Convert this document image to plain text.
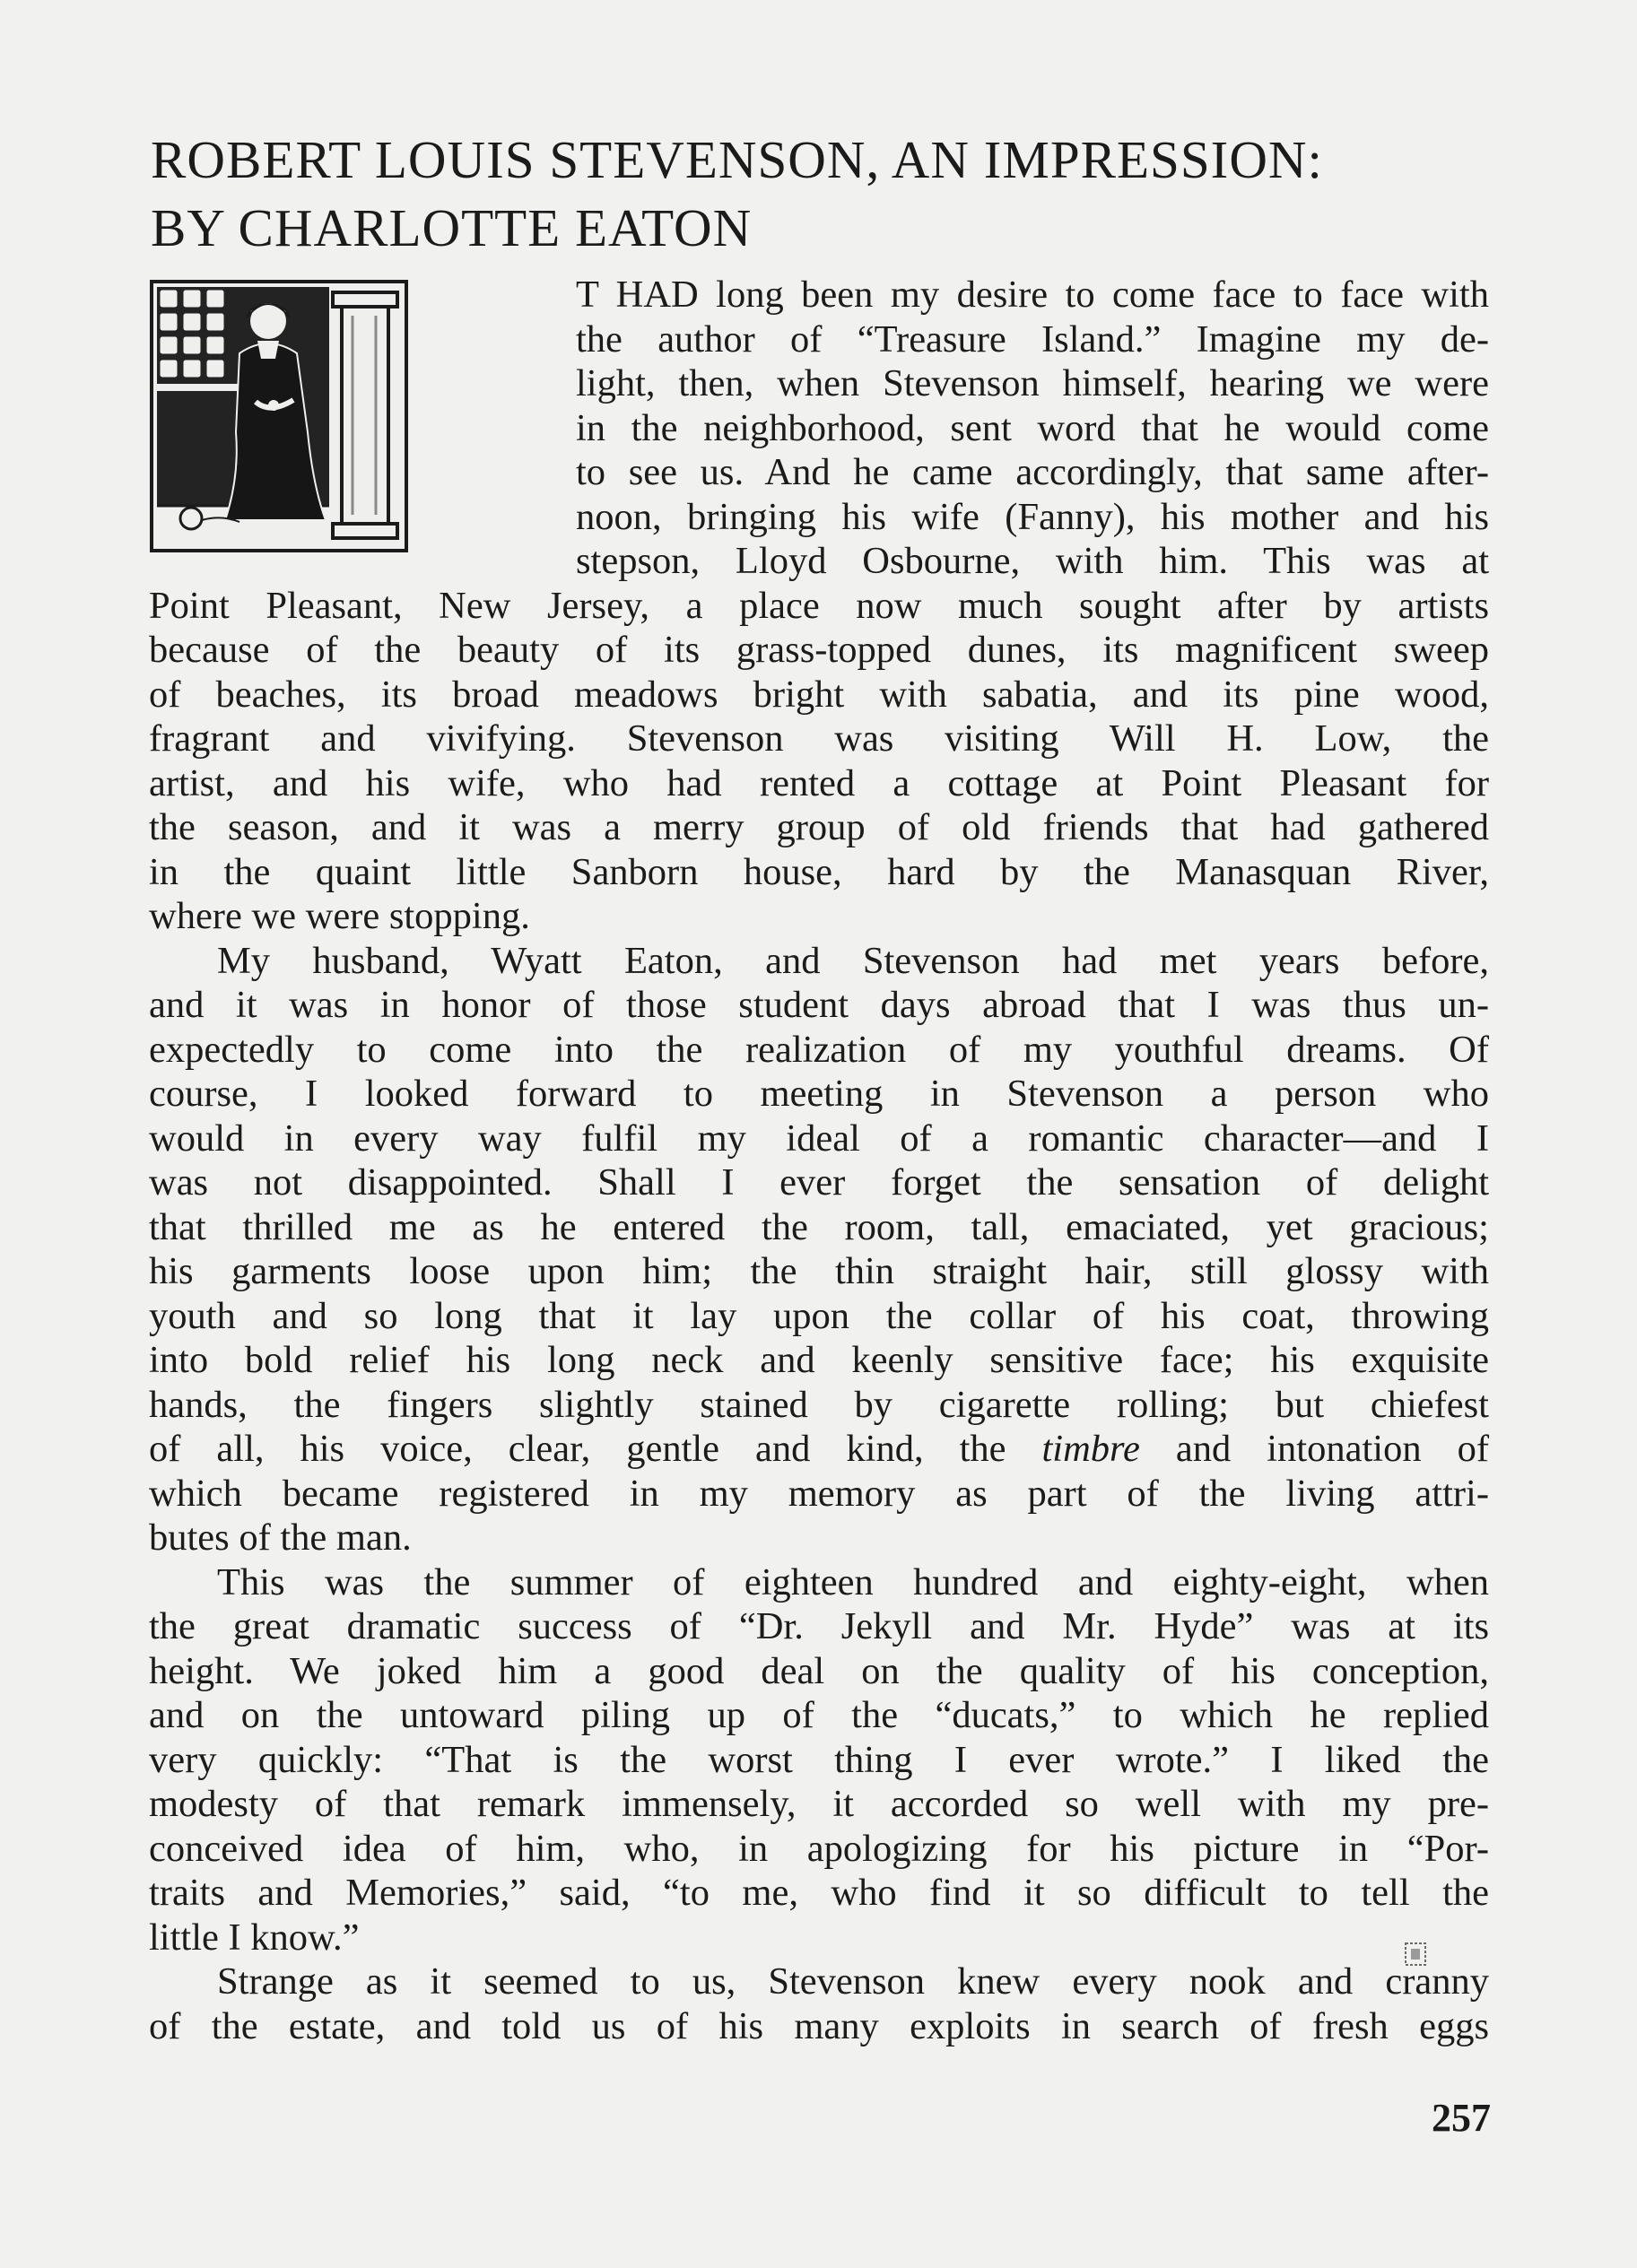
ROBERT LOUIS STEVENSON, AN IMPRESSION:
BY CHARLOTTE EATON
T HAD long been my desire to come face to face with
the author of “Treasure Island.” Imagine my de-
light, then, when Stevenson himself, hearing we were
in the neighborhood, sent word that he would come
to see us. And he came accordingly, that same after-
noon, bringing his wife (Fanny), his mother and his
stepson, Lloyd Osbourne, with him. This was at
Point Pleasant, New Jersey, a place now much sought after by artists
because of the beauty of its grass-topped dunes, its magnificent sweep
of beaches, its broad meadows bright with sabatia, and its pine wood,
fragrant and vivifying. Stevenson was visiting Will H. Low, the
artist, and his wife, who had rented a cottage at Point Pleasant for
the season, and it was a merry group of old friends that had gathered
in the quaint little Sanborn house, hard by the Manasquan River,
where we were stopping.
My husband, Wyatt Eaton, and Stevenson had met years before,
and it was in honor of those student days abroad that I was thus un-
expectedly to come into the realization of my youthful dreams. Of
course, I looked forward to meeting in Stevenson a person who
would in every way fulfil my ideal of a romantic character—and I
was not disappointed. Shall I ever forget the sensation of delight
that thrilled me as he entered the room, tall, emaciated, yet gracious;
his garments loose upon him; the thin straight hair, still glossy with
youth and so long that it lay upon the collar of his coat, throwing
into bold relief his long neck and keenly sensitive face; his exquisite
hands, the fingers slightly stained by cigarette rolling; but chiefest
of all, his voice, clear, gentle and kind, the timbre and intonation of
which became registered in my memory as part of the living attri-
butes of the man.
This was the summer of eighteen hundred and eighty-eight, when
the great dramatic success of “Dr. Jekyll and Mr. Hyde” was at its
height. We joked him a good deal on the quality of his conception,
and on the untoward piling up of the “ducats,” to which he replied
very quickly: “That is the worst thing I ever wrote.” I liked the
modesty of that remark immensely, it accorded so well with my pre-
conceived idea of him, who, in apologizing for his picture in “Por-
traits and Memories,” said, “to me, who find it so difficult to tell the
little I know.”
Strange as it seemed to us, Stevenson knew every nook and cranny
of the estate, and told us of his many exploits in search of fresh eggs
257
